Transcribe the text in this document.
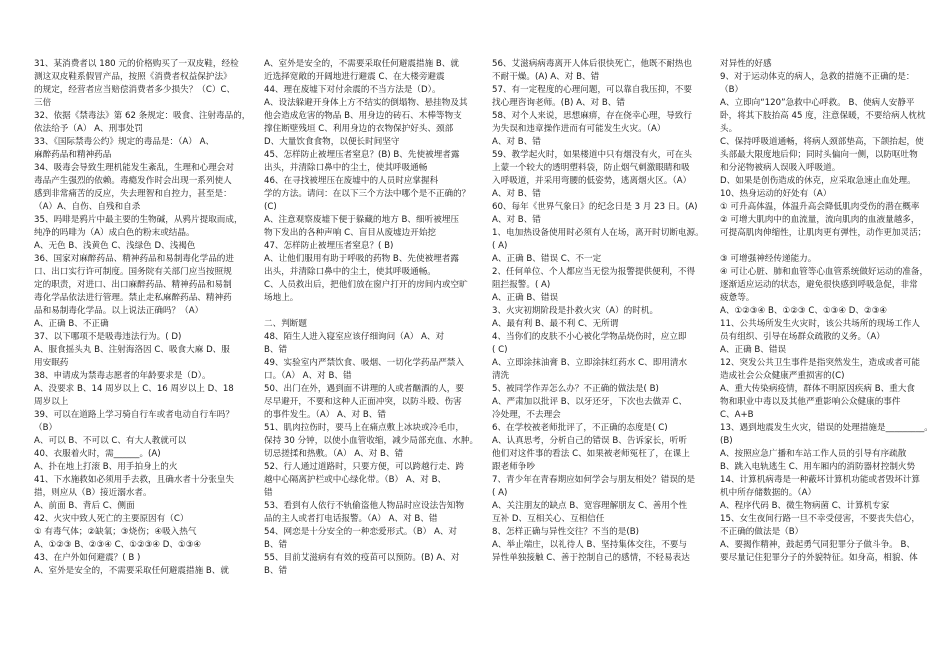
31、某消费者以 180 元的价格购买了一双皮鞋，经检
测这双皮鞋系假冒产品，按照《消费者权益保护法》
的规定，经营者应当赔偿消费者多少损失？（C）C、
三倍
32、依据《禁毒法》第 62 条规定：吸食、注射毒品的，
依法给予（A） A、刑事处罚
33、《国际禁毒公约》规定的毒品是：（A） A、
麻醉药品和精神药品
34、吸毒会导致生理机能发生紊乱，生理和心理会对
毒品产生强烈的依赖。毒瘾发作时会出现一系列使人
感到非常痛苦的反应，失去理智和自控力，甚至是：
（A）A、自伤、自残和自杀
35、吗啡是鸦片中最主要的生物碱，从鸦片提取而成，
纯净的吗啡为（A）成白色的粉末或结晶。
A、无色 B、浅黄色 C、浅绿色 D、浅褐色
36、国家对麻醉药品、精神药品和易制毒化学品的进
口、出口实行许可制度。国务院有关部门应当按照规
定的职责，对进口、出口麻醉药品、精神药品和易制
毒化学品依法进行管理。禁止走私麻醉药品、精神药
品和易制毒化学品。以上说法正确吗？（A）
A、正确 B、不正确
37、以下哪项不是吸毒违法行为。( D)
A、服食摇头丸 B、注射海洛因 C、吸食大麻 D、服
用安眠药
38、申请成为禁毒志愿者的年龄要求是（D）。
A、没要求 B、14 周岁以上 C、16 周岁以上 D、18
周岁以上
39、可以在道路上学习骑自行车或者电动自行车吗？
（B）
A、可以 B、不可以 C、有大人教就可以
40、衣服着火时，需______。(A)
A、扑在地上打滚 B、用手拍身上的火
41、下水施救如必须用手去救，且确水者十分张皇失
措，则应从（B）接近溺水者。
A、前面 B、背后 C、侧面
42、火灾中致人死亡的主要原因有（C）
① 有毒气体；②缺氧；③烧伤；④吸入热气
A、①②③ B、②③④ C、①②③④ D、①③④
43、在户外如何避震？( B )
A、室外是安全的，不需要采取任何避震措施 B、就
A、室外是安全的，不需要采取任何避震措施 B、就
近选择宽敞的开阔地进行避震 C、在大楼旁避震
44、理在废墟下对付余震的不当方法是（D）。
A、设法躲避开身体上方不结实的倒塌物、悬挂物及其
他会造成危害的物品 B、用身边的砖石、木棒等物支
撑住断壁残垣 C、利用身边的衣物保护好头、颈部
D、大量饮食食物，以便长时间坚守
45、怎样防止被埋压者窒息？(B) B、先使被埋者露
出头，并清除口鼻中的尘土，使其呼吸通畅
46、在寻找被埋压在废墟中的人员时应掌握科
学的方法。请问：在以下三个方法中哪个是不正确的？
(C)
A、注意观察废墟下便于躲藏的地方 B、细听被埋压
物下发出的各种声响 C、盲目从废墟边开始挖
47、怎样防止被埋压者窒息？( B)
A、让他们服用有助于呼吸的药物 B、先使被埋者露
出头，并清除口鼻中的尘土，使其呼吸通畅。
C、人员救出后，把他们放在窗户打开的房间内或空旷
场地上。

二、判断题
48、陌生人进入寝室应该仔细询问（A） A、对
B、错
49、实验室内严禁饮食、吸烟、一切化学药品严禁入
口。（A） A、对 B、错
50、出门在外，遇到面不讲理的人或者酗酒的人，要
尽早避开，不要和这种人正面冲突，以防斗殴、伤害
的事件发生。（A） A、对 B、错
51、肌肉拉伤时，要马上在痛点敷上冰块或冷毛巾，
保持 30 分钟，以使小血管收缩，减少局部充血、水肿。
切忌搓揉和热敷。（A） A、对 B、错
52、行人通过道路时，只要方便，可以跨越行走、跨
越中心隔离护栏或中心绿化带。（B） A、对 B、
错
53、看到有人依行不轨偷盗他人物品时应设法告知物
品的主人或者打电话报警。（A） A、对 B、错
54、网恋是十分安全的一种恋爱形式。（B） A、对
B、错
55、目前艾滋病有有效的疫苗可以预防。(B) A、对
B、错
56、艾滋病病毒离开人体后很快死亡，他既不耐热也
不耐干燥。(A) A、对 B、错
57、有一定程度的心理问题，可以靠自我压抑，不要
找心理咨询老师。(B) A、对 B、错
58、对个人来说，思想麻痹，存在侥幸心理，导致行
为失误和违章操作进而有可能发生火灾。（A）
A、对 B、错
59、教学起火时，如果楼道中只有烟没有火，可在头
上蒙一个较大的透明塑料袋，防止烟气刺激眼睛和吸
入呼吸道，并采用弯腰的低姿势，逃离烟火区。（A）
A、对 B、错
60、每年《世界气象日》的纪念日是 3 月 23 日。(A)
A、对 B、错
1、电加热设备使用时必须有人在场，离开时切断电源。
( A)
A、正确 B、错误 C、不一定
2、任何单位、个人都应当无偿为报警提供便利，不得
阻拦报警。( A)
A、正确 B、错误
3、火灾初期阶段是扑救火灾（A）的时机。
A、最有利 B、最不利 C、无所谓
4、当你们的皮肤不小心被化学物品烧伤时，应立即
( C)
A、立即涂抹油膏 B、立即涂抹红药水 C、即用清水
清洗
5、被同学作弄怎么办？不正确的做法是( B)
A、严肃加以批评 B、以牙还牙，下次也去做弄 C、
冷处理，不去理会
6、在学校被老师批评了，不正确的态度是( C)
A、认真思考，分析自己的错误 B、告诉家长，听听
他们对这件事的看法 C、如果被老师冤枉了，在课上
跟老师争吵
7、青少年在青春期应如何学会与朋友相处？错误的是
( A)
A、关注朋友的缺点 B、宽容理解朋友 C、善用个性
互补 D、互相关心、互相信任
8、怎样正确与异性交往？不当的是(B)
A、举止端庄，以礼待人 B、坚持集体交往，不要与
异性单独接触 C、善于控制自己的感情，不轻易表达
对异性的好感
9、对于运动体克的病人，急救的措施不正确的是：
（B）
A、立即向“120”急救中心呼救。 B、使病人安静平
卧，将其下肢抬高 45 度，注意保暖，不要给病人枕枕
头。
C、保持呼吸道通畅，将病人颈部垫高，下颌抬起，使
头部最大限度地后仰；同时头偏向一侧，以防呕吐物
和分泌物被病人误吸入呼吸道。
D、如果是创伤造成的休克，应采取急速止血处理。
10、热身运动的好处有（A）
① 可升高体温，体温升高会降低肌肉受伤的潜在概率
② 可增大肌肉中的血流量，流向肌肉的血液量越多，
可提高肌肉伸缩性，让肌肉更有弹性，动作更加灵活；

③ 可增强神经传递能力。
④ 可让心脏、肺和血管等心血管系统做好运动的准备，
逐渐适应运动的状态，避免很快感到呼吸急促，非常
疲惫等。
A、①②③④ B、①②③ C、①③④ D、②③④
11、公共场所发生火灾时，该公共场所的现场工作人
员有组织、引导在场群众疏散的义务。（A）
A、正确 B、错误
12、突发公共卫生事件是指突然发生，造成或者可能
造成社会公众健康严重损害的(C)
A、重大传染病疫情，群体不明原因疾病 B、重大食
物和职业中毒以及其他严重影响公众健康的事件
C、A+B
13、遇到地震发生火灾，错误的处理措施是_________。
(B)
A、按照应急广播和车站工作人员的引导有序疏散
B、跳入电轨逃生 C、用车厢内的消防器材控制火势
14、计算机病毒是一种蔽坏计算机功能或者毁坏计算
机中所存储数据的。（A）
A、程序代码 B、微生物病菌 C、计算机专家
15、女生夜间行路一旦不幸受侵害，不要丧失信心，
不正确的做法是（B）
A、要揭作精神，鼓起勇气同犯罪分子做斗争。 B、
要尽量记住犯罪分子的外貌特征。如身高，相貌、体
